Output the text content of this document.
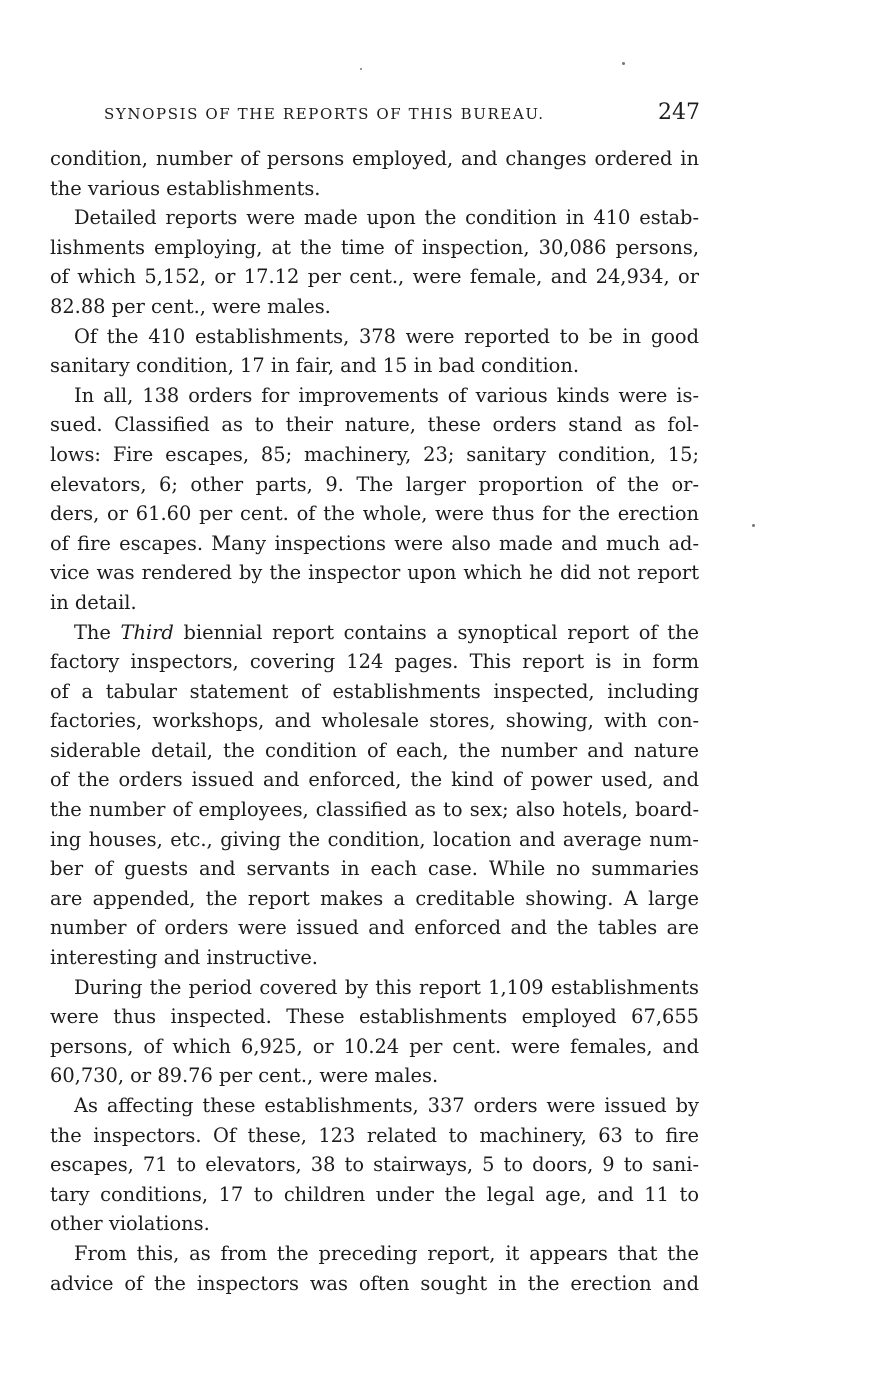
SYNOPSIS OF THE REPORTS OF THIS BUREAU.	247
condition, number of persons employed, and changes ordered in
the various establishments.
Detailed reports were made upon the condition in 410 estab-
lishments employing, at the time of inspection, 30,086 persons,
of which 5,152, or 17.12 per cent., were female, and 24,934, or
82.88 per cent., were males.
Of the 410 establishments, 378 were reported to be in good
sanitary condition, 17 in fair, and 15 in bad condition.
In all, 138 orders for improvements of various kinds were is-
sued. Classified as to their nature, these orders stand as fol-
lows: Fire escapes, 85; machinery, 23; sanitary condition, 15;
elevators, 6; other parts, 9. The larger proportion of the or-
ders, or 61.60 per cent. of the whole, were thus for the erection
of fire escapes. Many inspections were also made and much ad-
vice was rendered by the inspector upon which he did not report
in detail.
The Third biennial report contains a synoptical report of the
factory inspectors, covering 124 pages. This report is in form
of a tabular statement of establishments inspected, including
factories, workshops, and wholesale stores, showing, with con-
siderable detail, the condition of each, the number and nature
of the orders issued and enforced, the kind of power used, and
the number of employees, classified as to sex; also hotels, board-
ing houses, etc., giving the condition, location and average num-
ber of guests and servants in each case. While no summaries
are appended, the report makes a creditable showing. A large
number of orders were issued and enforced and the tables are
interesting and instructive.
During the period covered by this report 1,109 establishments
were thus inspected. These establishments employed 67,655
persons, of which 6,925, or 10.24 per cent. were females, and
60,730, or 89.76 per cent., were males.
As affecting these establishments, 337 orders were issued by
the inspectors. Of these, 123 related to machinery, 63 to fire
escapes, 71 to elevators, 38 to stairways, 5 to doors, 9 to sani-
tary conditions, 17 to children under the legal age, and 11 to
other violations.
From this, as from the preceding report, it appears that the
advice of the inspectors was often sought in the erection and
